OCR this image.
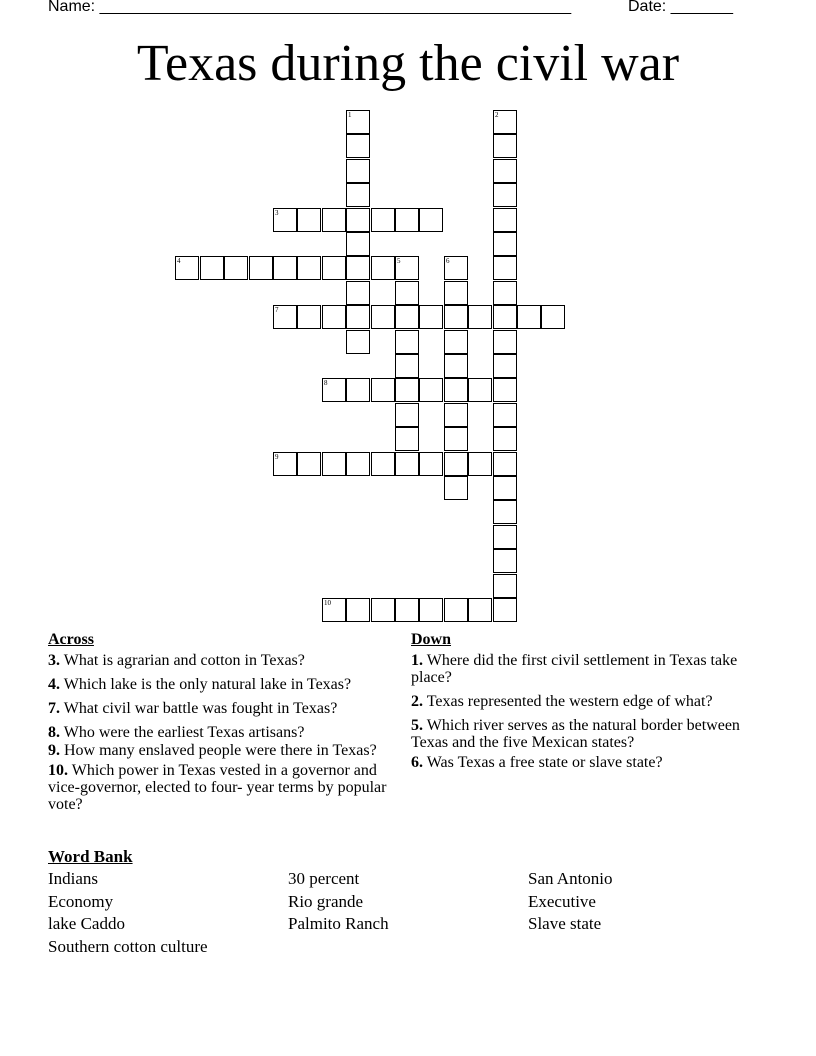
Name: _____________________________________________________	Date: _______
Texas during the civil war
1	2
3
4	5	6
7
8
9
10
Across
3. What is agrarian and cotton in Texas?
4. Which lake is the only natural lake in Texas?
7. What civil war battle was fought in Texas?
8. Who were the earliest Texas artisans?
9. How many enslaved people were there in Texas?
10. Which power in Texas vested in a governor and vice-governor, elected to four- year terms by popular vote?
Down
1. Where did the first civil settlement in Texas take place?
2. Texas represented the western edge of what?
5. Which river serves as the natural border between Texas and the five Mexican states?
6. Was Texas a free state or slave state?
Word Bank
Indians	30 percent	San Antonio
Economy	Rio grande	Executive
lake Caddo	Palmito Ranch	Slave state
Southern cotton culture
